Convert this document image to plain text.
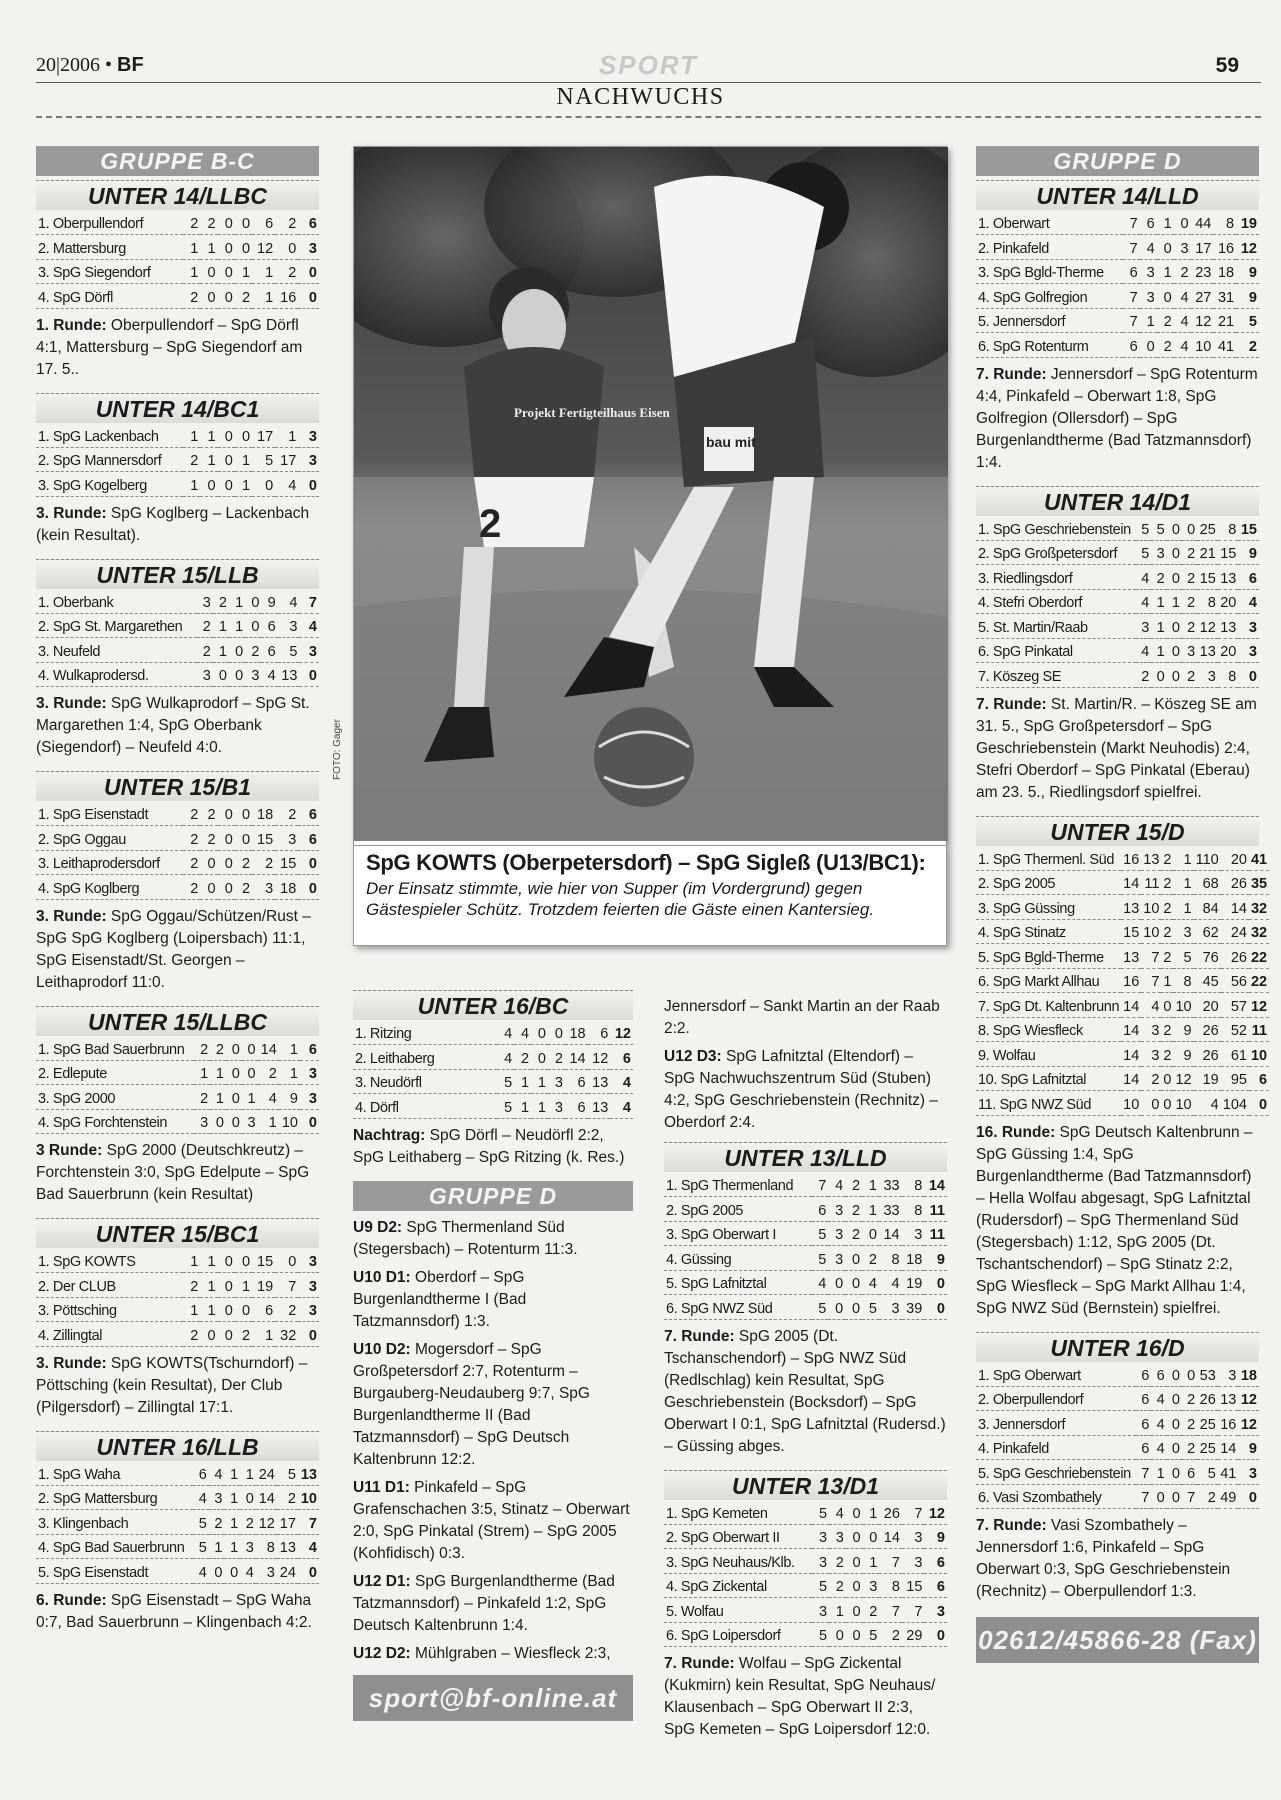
20|2006 • BF	SPORT	59
NACHWUCHS
GRUPPE B-C
UNTER 14/LLBC
1. Oberpullendorf	2	2	0	0	6	2	6
2. Mattersburg	1	1	0	0	12	0	3
3. SpG Siegendorf	1	0	0	1	1	2	0
4. SpG Dörfl	2	0	0	2	1	16	0
1. Runde: Oberpullendorf – SpG Dörfl 4:1, Mattersburg – SpG Siegendorf am 17. 5..
UNTER 14/BC1
1. SpG Lackenbach	1	1	0	0	17	1	3
2. SpG Mannersdorf	2	1	0	1	5	17	3
3. SpG Kogelberg	1	0	0	1	0	4	0
3. Runde: SpG Koglberg – Lackenbach (kein Resultat).
UNTER 15/LLB
1. Oberbank	3	2	1	0	9	4	7
2. SpG St. Margarethen	2	1	1	0	6	3	4
3. Neufeld	2	1	0	2	6	5	3
4. Wulkaprodersd.	3	0	0	3	4	13	0
3. Runde: SpG Wulkaprodorf – SpG St. Margarethen 1:4, SpG Oberbank (Siegendorf) – Neufeld 4:0.
UNTER 15/B1
1. SpG Eisenstadt	2	2	0	0	18	2	6
2. SpG Oggau	2	2	0	0	15	3	6
3. Leithaprodersdorf	2	0	0	2	2	15	0
4. SpG Koglberg	2	0	0	2	3	18	0
3. Runde: SpG Oggau/Schützen/Rust – SpG SpG Koglberg (Loipersbach) 11:1, SpG Eisenstadt/St. Georgen – Leithaprodorf 11:0.
UNTER 15/LLBC
1. SpG Bad Sauerbrunn	2	2	0	0	14	1	6
2. Edlepute	1	1	0	0	2	1	3
3. SpG 2000	2	1	0	1	4	9	3
4. SpG Forchtenstein	3	0	0	3	1	10	0
3 Runde: SpG 2000 (Deutschkreutz) – Forchtenstein 3:0, SpG Edelpute – SpG Bad Sauerbrunn (kein Resultat)
UNTER 15/BC1
1. SpG KOWTS	1	1	0	0	15	0	3
2. Der CLUB	2	1	0	1	19	7	3
3. Pöttsching	1	1	0	0	6	2	3
4. Zillingtal	2	0	0	2	1	32	0
3. Runde: SpG KOWTS(Tschurndorf) – Pöttsching (kein Resultat), Der Club (Pilgersdorf) – Zillingtal 17:1.
UNTER 16/LLB
1. SpG Waha	6	4	1	1	24	5	13
2. SpG Mattersburg	4	3	1	0	14	2	10
3. Klingenbach	5	2	1	2	12	17	7
4. SpG Bad Sauerbrunn	5	1	1	3	8	13	4
5. SpG Eisenstadt	4	0	0	4	3	24	0
6. Runde: SpG Eisenstadt – SpG Waha 0:7, Bad Sauerbrunn – Klingenbach 4:2.
Projekt Fertigteilhaus Eisen
2
bau mit
FOTO: Gager
SpG KOWTS (Oberpetersdorf) – SpG Sigleß (U13/BC1):
Der Einsatz stimmte, wie hier von Supper (im Vordergrund) gegen Gästespieler Schütz. Trotzdem feierten die Gäste einen Kantersieg.
UNTER 16/BC
1. Ritzing	4	4	0	0	18	6	12
2. Leithaberg	4	2	0	2	14	12	6
3. Neudörfl	5	1	1	3	6	13	4
4. Dörfl	5	1	1	3	6	13	4
Nachtrag: SpG Dörfl – Neudörfl 2:2, SpG Leithaberg – SpG Ritzing (k. Res.)
GRUPPE D
U9 D2: SpG Thermenland Süd (Stegersbach) – Rotenturm 11:3.
U10 D1: Oberdorf – SpG Burgenlandtherme I (Bad Tatzmannsdorf) 1:3.
U10 D2: Mogersdorf – SpG Großpetersdorf 2:7, Rotenturm – Burgauberg-Neudauberg 9:7, SpG Burgenlandtherme II (Bad Tatzmannsdorf) – SpG Deutsch Kaltenbrunn 12:2.
U11 D1: Pinkafeld – SpG Grafenschachen 3:5, Stinatz – Oberwart 2:0, SpG Pinkatal (Strem) – SpG 2005 (Kohfidisch) 0:3.
U12 D1: SpG Burgenlandtherme (Bad Tatzmannsdorf) – Pinkafeld 1:2, SpG Deutsch Kaltenbrunn 1:4.
U12 D2: Mühlgraben – Wiesfleck 2:3,
sport@bf-online.at
Jennersdorf – Sankt Martin an der Raab 2:2.
U12 D3: SpG Lafnitztal (Eltendorf) – SpG Nachwuchszentrum Süd (Stuben) 4:2, SpG Geschriebenstein (Rechnitz) – Oberdorf 2:4.
UNTER 13/LLD
1. SpG Thermenland	7	4	2	1	33	8	14
2. SpG 2005	6	3	2	1	33	8	11
3. SpG Oberwart I	5	3	2	0	14	3	11
4. Güssing	5	3	0	2	8	18	9
5. SpG Lafnitztal	4	0	0	4	4	19	0
6. SpG NWZ Süd	5	0	0	5	3	39	0
7. Runde: SpG 2005 (Dt. Tschanschendorf) – SpG NWZ Süd (Redlschlag) kein Resultat, SpG Geschriebenstein (Bocksdorf) – SpG Oberwart I 0:1, SpG Lafnitztal (Rudersd.) – Güssing abges.
UNTER 13/D1
1. SpG Kemeten	5	4	0	1	26	7	12
2. SpG Oberwart II	3	3	0	0	14	3	9
3. SpG Neuhaus/Klb.	3	2	0	1	7	3	6
4. SpG Zickental	5	2	0	3	8	15	6
5. Wolfau	3	1	0	2	7	7	3
6. SpG Loipersdorf	5	0	0	5	2	29	0
7. Runde: Wolfau – SpG Zickental (Kukmirn) kein Resultat, SpG Neuhaus/ Klausenbach – SpG Oberwart II 2:3, SpG Kemeten – SpG Loipersdorf 12:0.
GRUPPE D
UNTER 14/LLD
1. Oberwart	7	6	1	0	44	8	19
2. Pinkafeld	7	4	0	3	17	16	12
3. SpG Bgld-Therme	6	3	1	2	23	18	9
4. SpG Golfregion	7	3	0	4	27	31	9
5. Jennersdorf	7	1	2	4	12	21	5
6. SpG Rotenturm	6	0	2	4	10	41	2
7. Runde: Jennersdorf – SpG Rotenturm 4:4, Pinkafeld – Oberwart 1:8, SpG Golfregion (Ollersdorf) – SpG Burgenlandtherme (Bad Tatzmannsdorf) 1:4.
UNTER 14/D1
1. SpG Geschriebenstein	5	5	0	0	25	8	15
2. SpG Großpetersdorf	5	3	0	2	21	15	9
3. Riedlingsdorf	4	2	0	2	15	13	6
4. Stefri Oberdorf	4	1	1	2	8	20	4
5. St. Martin/Raab	3	1	0	2	12	13	3
6. SpG Pinkatal	4	1	0	3	13	20	3
7. Köszeg SE	2	0	0	2	3	8	0
7. Runde: St. Martin/R. – Köszeg SE am 31. 5., SpG Großpetersdorf – SpG Geschriebenstein (Markt Neuhodis) 2:4, Stefri Oberdorf – SpG Pinkatal (Eberau) am 23. 5., Riedlingsdorf spielfrei.
UNTER 15/D
1. SpG Thermenl. Süd	16	13	2	1	110	20	41
2. SpG 2005	14	11	2	1	68	26	35
3. SpG Güssing	13	10	2	1	84	14	32
4. SpG Stinatz	15	10	2	3	62	24	32
5. SpG Bgld-Therme	13	7	2	5	76	26	22
6. SpG Markt Allhau	16	7	1	8	45	56	22
7. SpG Dt. Kaltenbrunn	14	4	0	10	20	57	12
8. SpG Wiesfleck	14	3	2	9	26	52	11
9. Wolfau	14	3	2	9	26	61	10
10. SpG Lafnitztal	14	2	0	12	19	95	6
11. SpG NWZ Süd	10	0	0	10	4	104	0
16. Runde: SpG Deutsch Kaltenbrunn – SpG Güssing 1:4, SpG Burgenlandtherme (Bad Tatzmannsdorf) – Hella Wolfau abgesagt, SpG Lafnitztal (Rudersdorf) – SpG Thermenland Süd (Stegersbach) 1:12, SpG 2005 (Dt. Tschantschendorf) – SpG Stinatz 2:2, SpG Wiesfleck – SpG Markt Allhau 1:4, SpG NWZ Süd (Bernstein) spielfrei.
UNTER 16/D
1. SpG Oberwart	6	6	0	0	53	3	18
2. Oberpullendorf	6	4	0	2	26	13	12
3. Jennersdorf	6	4	0	2	25	16	12
4. Pinkafeld	6	4	0	2	25	14	9
5. SpG Geschriebenstein	7	1	0	6	5	41	3
6. Vasi Szombathely	7	0	0	7	2	49	0
7. Runde: Vasi Szombathely – Jennersdorf 1:6, Pinkafeld – SpG Oberwart 0:3, SpG Geschriebenstein (Rechnitz) – Oberpullendorf 1:3.
02612/45866-28 (Fax)
